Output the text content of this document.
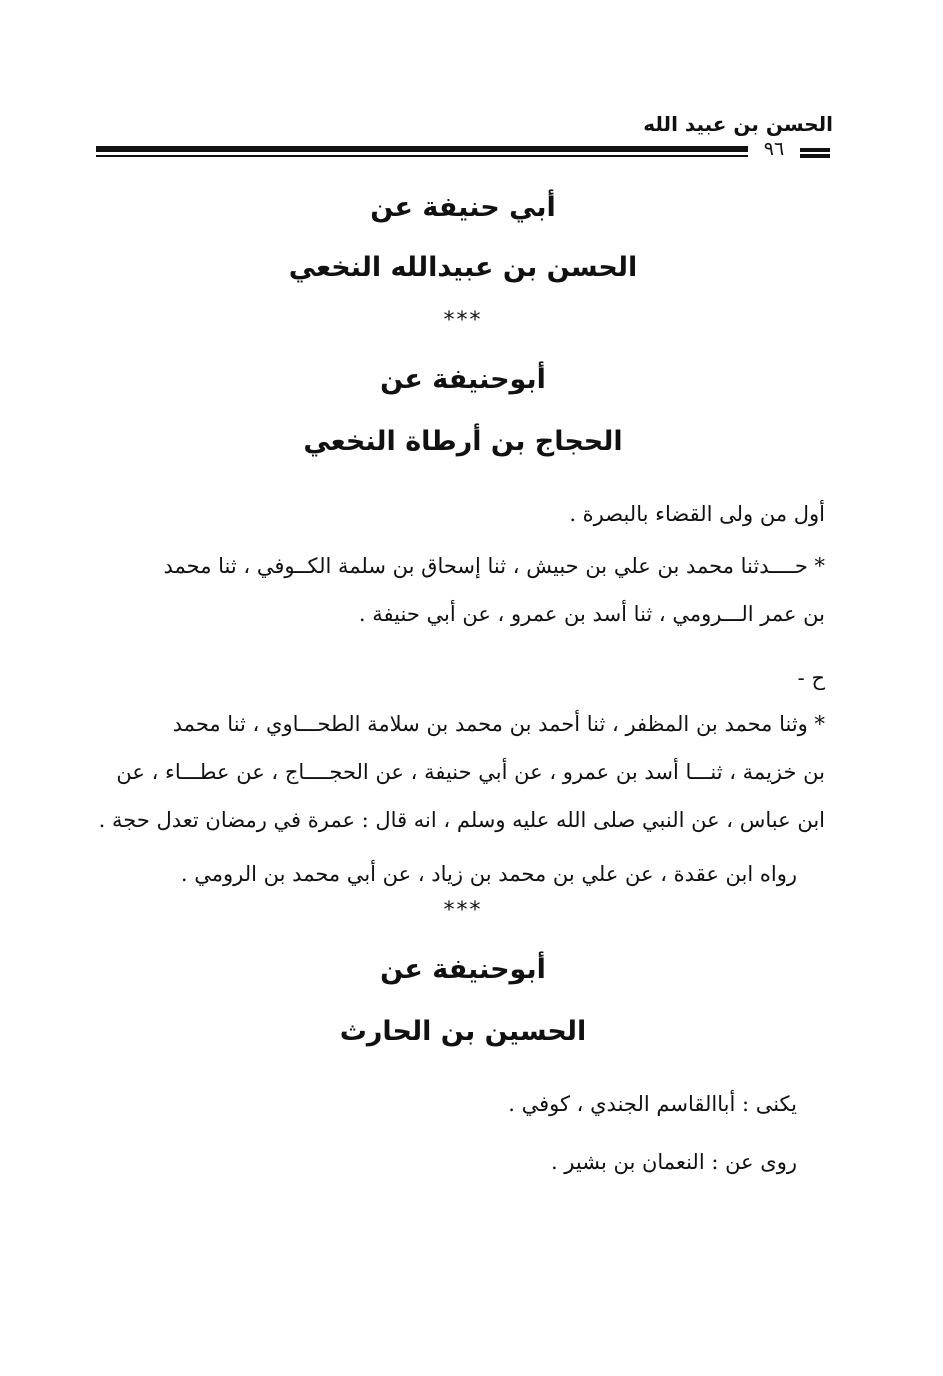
الحسن بن عبيد الله
٩٦
أبي حنيفة عن
الحسن بن عبيدالله النخعي
***
أبوحنيفة عن
الحجاج بن أرطاة النخعي
أول من ولى القضاء بالبصرة .
* حــــدثنا محمد بن علي بن حبيش ، ثنا إسحاق بن سلمة الكــوفي ، ثنا محمد
بن عمر الـــرومي ، ثنا أسد بن عمرو ، عن أبي حنيفة .
ح -
* وثنا محمد بن المظفر ، ثنا أحمد بن محمد بن سلامة الطحـــاوي ، ثنا محمد
بن خزيمة ، ثنـــا أسد بن عمرو ، عن أبي حنيفة ، عن الحجــــاج ، عن عطـــاء ، عن
ابن عباس ، عن النبي صلى الله عليه وسلم ، انه قال : عمرة في رمضان تعدل حجة .
رواه ابن عقدة ، عن علي بن محمد بن زياد ، عن أبي محمد بن الرومي .
***
أبوحنيفة عن
الحسين بن الحارث
يكنى : أباالقاسم الجندي ، كوفي .
روى عن : النعمان بن بشير .
